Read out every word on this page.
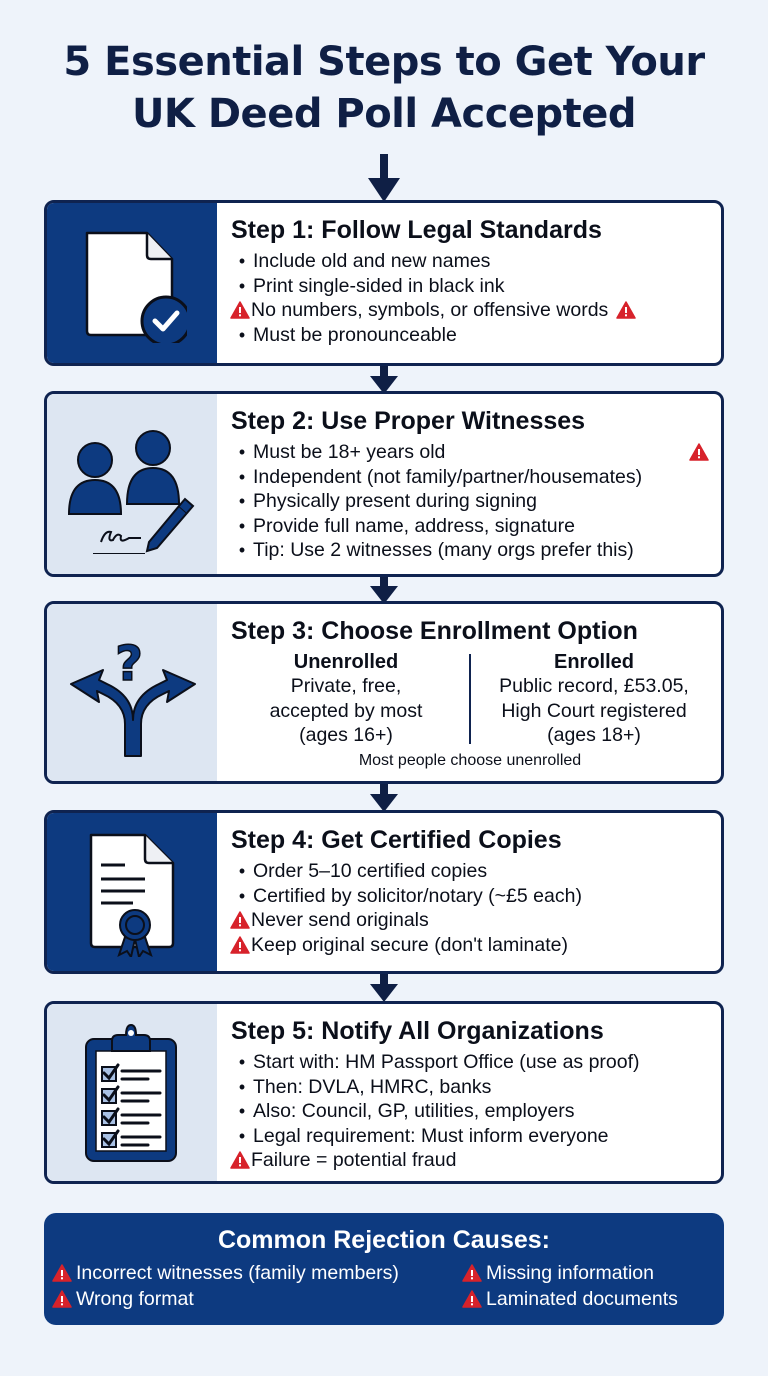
5 Essential Steps to Get Your
UK Deed Poll Accepted
Step 1: Follow Legal Standards
•
Include old and new names
•
Print single-sided in black ink
No numbers, symbols, or offensive words
•
Must be pronounceable
Step 2: Use Proper Witnesses
•
Must be 18+ years old
•
Independent (not family/partner/housemates)
•
Physically present during signing
•
Provide full name, address, signature
•
Tip: Use 2 witnesses (many orgs prefer this)
?
Step 3: Choose Enrollment Option
Unenrolled
Private, free,
accepted by most
(ages 16+)
Enrolled
Public record, £53.05,
High Court registered
(ages 18+)
Most people choose unenrolled
Step 4: Get Certified Copies
•
Order 5–10 certified copies
•
Certified by solicitor/notary (~£5 each)
Never send originals
Keep original secure (don't laminate)
Step 5: Notify All Organizations
•
Start with: HM Passport Office (use as proof)
•
Then: DVLA, HMRC, banks
•
Also: Council, GP, utilities, employers
•
Legal requirement: Must inform everyone
Failure = potential fraud
Common Rejection Causes:
Incorrect witnesses (family members)	Missing information
Wrong format	Laminated documents
